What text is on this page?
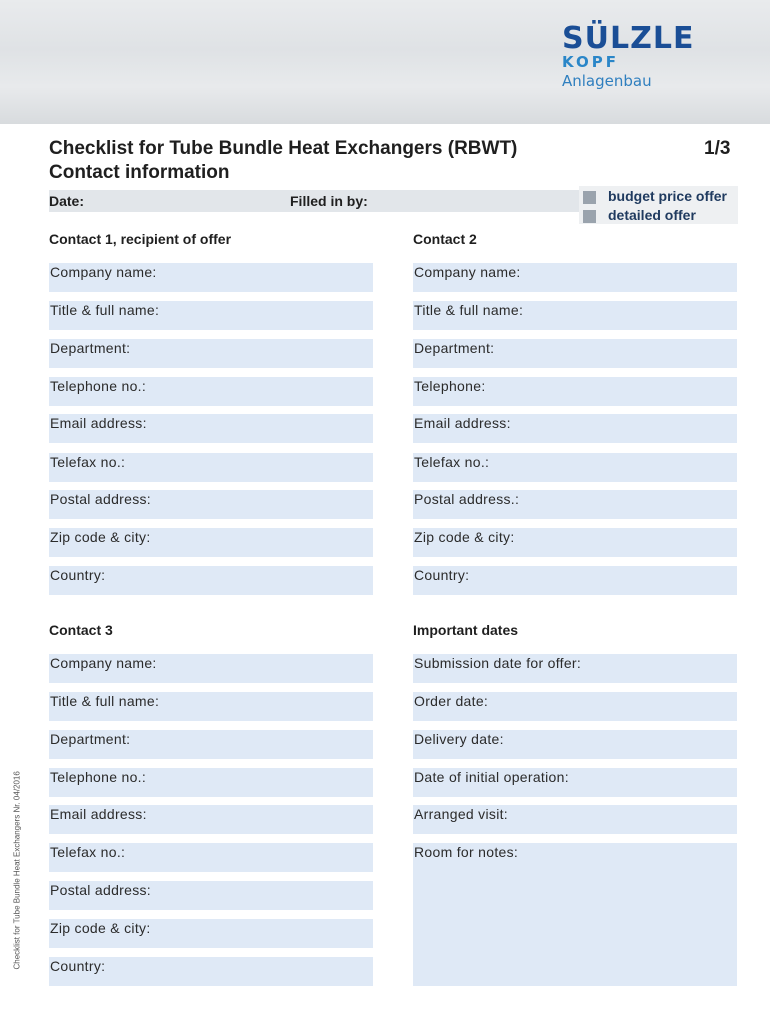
SÜLZLE
KOPF
Anlagenbau
Checklist for Tube Bundle Heat Exchangers (RBWT)
Contact information
1/3
Date:	Filled in by:	budget price offer
detailed offer
Contact 1, recipient of offer
Company name:
Title & full name:
Department:
Telephone no.:
Email address:
Telefax no.:
Postal address:
Zip code & city:
Country:
Contact 2
Company name:
Title & full name:
Department:
Telephone:
Email address:
Telefax no.:
Postal address.:
Zip code & city:
Country:
Contact 3
Company name:
Title & full name:
Department:
Telephone no.:
Email address:
Telefax no.:
Postal address:
Zip code & city:
Country:
Important dates
Submission date for offer:
Order date:
Delivery date:
Date of initial operation:
Arranged visit:
Room for notes:
Checklist for Tube Bundle Heat Exchangers Nr. 04/2016
